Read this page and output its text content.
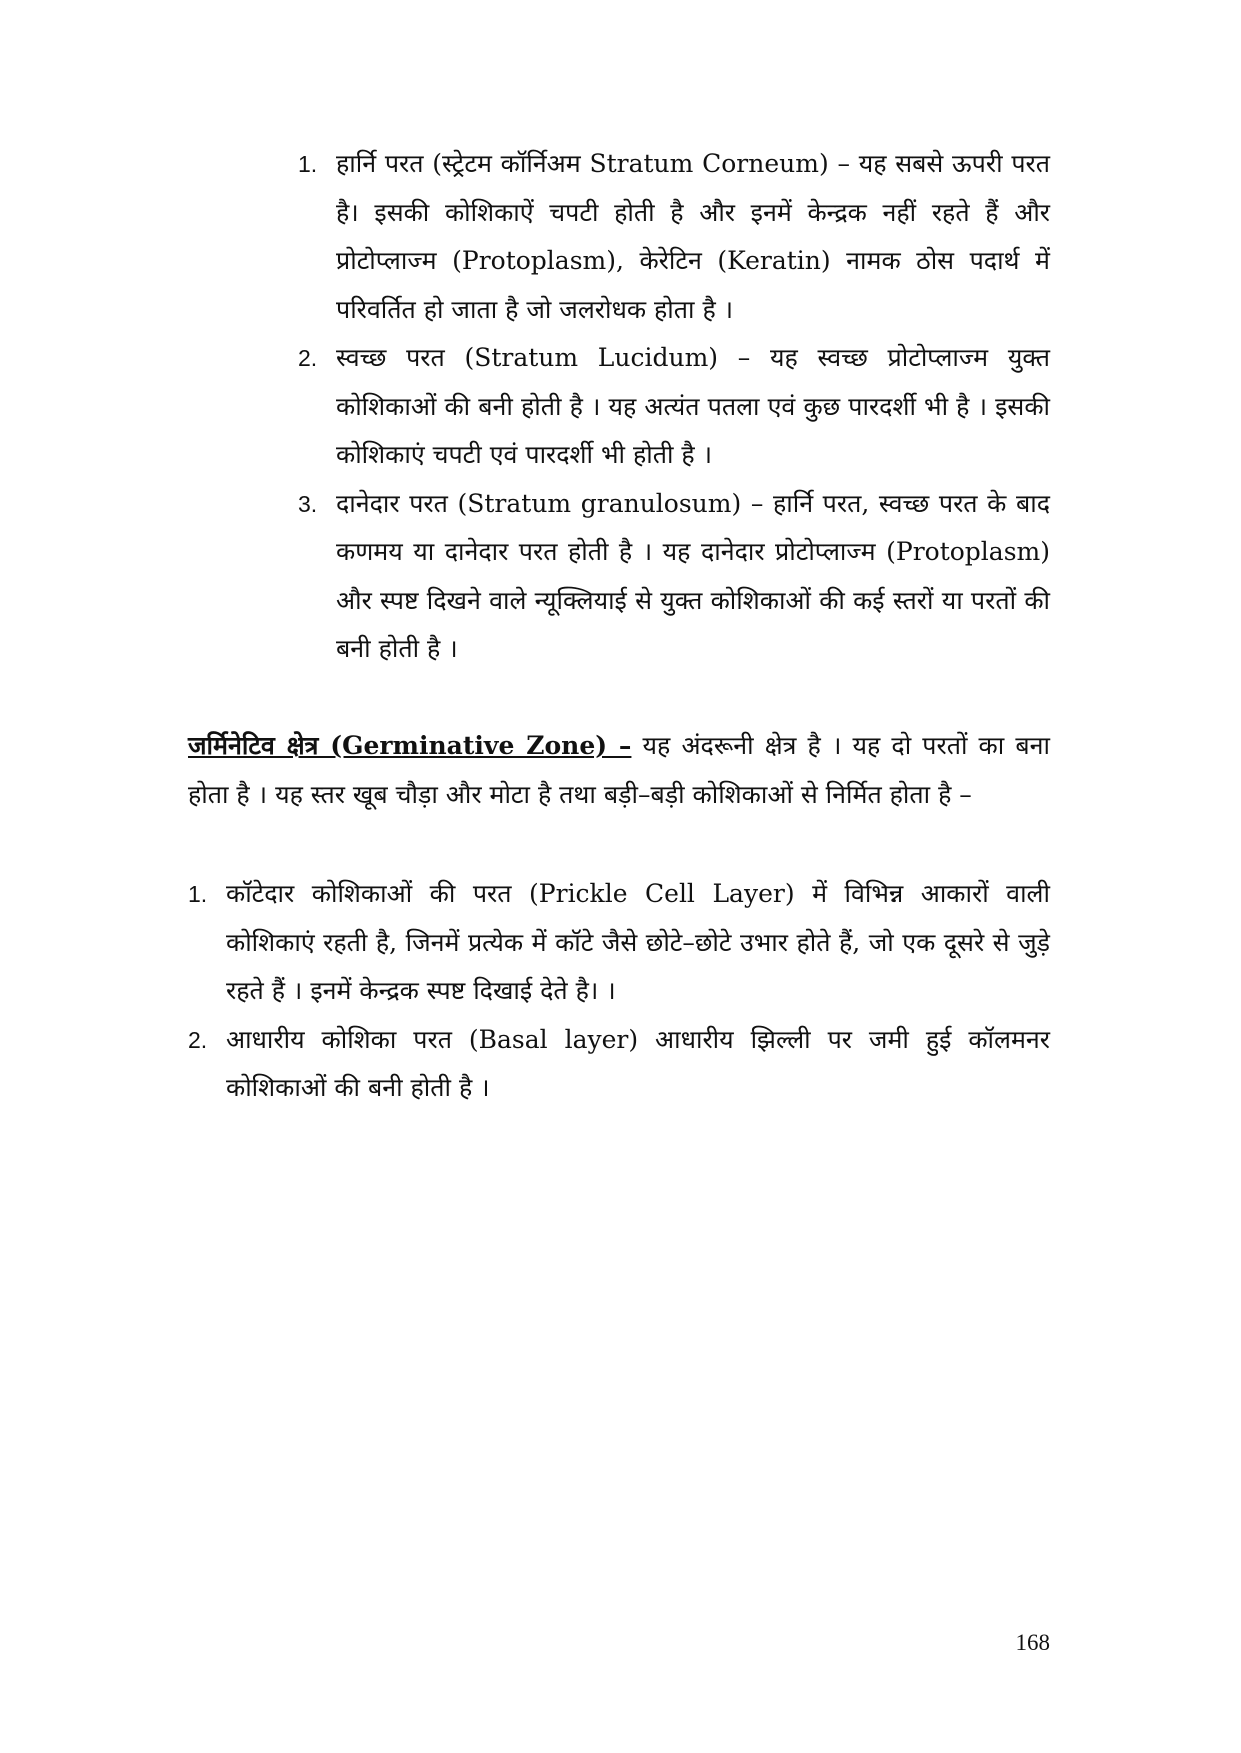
1. हार्नि परत (स्ट्रेटम कॉर्निअम Stratum Corneum) – यह सबसे ऊपरी परत है। इसकी कोशिकाऐं चपटी होती है और इनमें केन्द्रक नहीं रहते हैं और प्रोटोप्लाज्म (Protoplasm), केरेटिन (Keratin) नामक ठोस पदार्थ में परिवर्तित हो जाता है जो जलरोधक होता है ।
2. स्वच्छ परत (Stratum Lucidum) – यह स्वच्छ प्रोटोप्लाज्म युक्त कोशिकाओं की बनी होती है । यह अत्यंत पतला एवं कुछ पारदर्शी भी है । इसकी कोशिकाएं चपटी एवं पारदर्शी भी होती है ।
3. दानेदार परत (Stratum granulosum) – हार्नि परत, स्वच्छ परत के बाद कणमय या दानेदार परत होती है । यह दानेदार प्रोटोप्लाज्म (Protoplasm) और स्पष्ट दिखने वाले न्यूक्लियाई से युक्त कोशिकाओं की कई स्तरों या परतों की बनी होती है ।

जर्मिनेटिव क्षेत्र (Germinative Zone) – यह अंदरूनी क्षेत्र है । यह दो परतों का बना होता है । यह स्तर खूब चौड़ा और मोटा है तथा बड़ी–बड़ी कोशिकाओं से निर्मित होता है –

1. कॉटेदार कोशिकाओं की परत (Prickle Cell Layer) में विभिन्न आकारों वाली कोशिकाएं रहती है, जिनमें प्रत्येक में कॉटे जैसे छोटे–छोटे उभार होते हैं, जो एक दूसरे से जुड़े रहते हैं । इनमें केन्द्रक स्पष्ट दिखाई देते है। ।
2. आधारीय कोशिका परत (Basal layer) आधारीय झिल्ली पर जमी हुई कॉलमनर कोशिकाओं की बनी होती है ।
168
